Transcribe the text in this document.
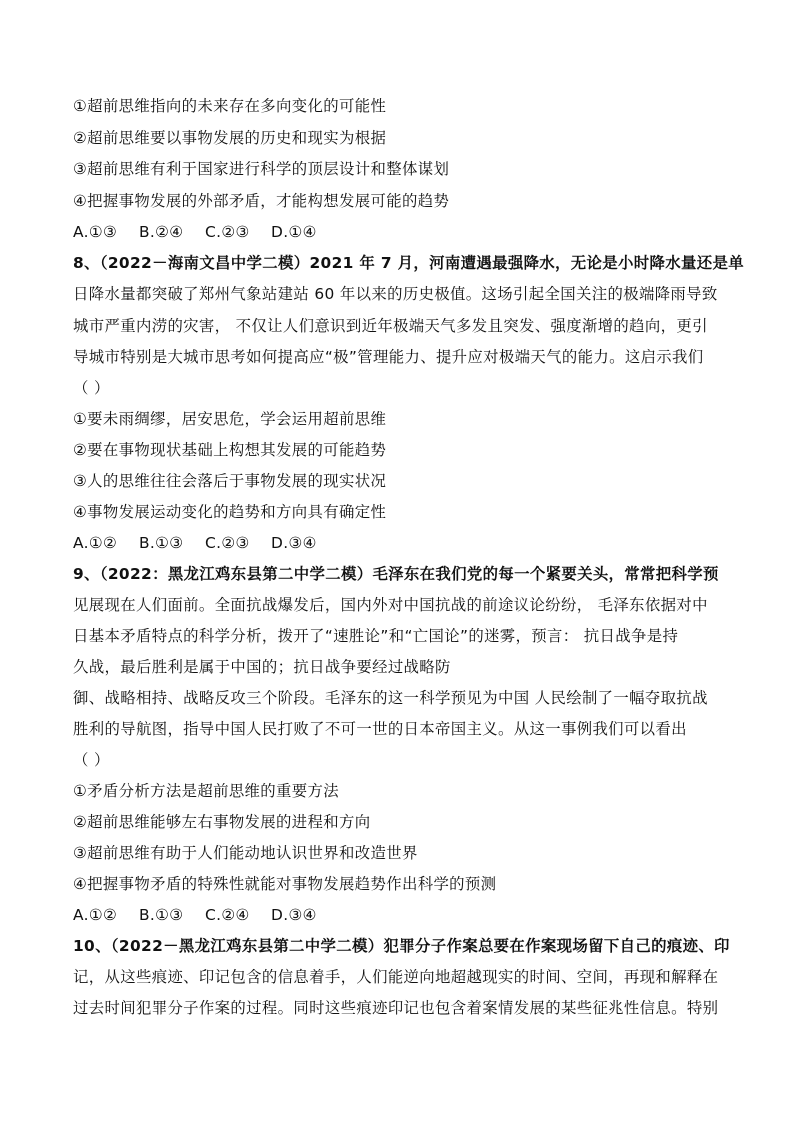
①超前思维指向的未来存在多向变化的可能性
②超前思维要以事物发展的历史和现实为根据
③超前思维有利于国家进行科学的顶层设计和整体谋划
④把握事物发展的外部矛盾，才能构想发展可能的趋势
A.①③ B.②④ C.②③ D.①④
8、（2022－海南文昌中学二模）2021 年 7 月，河南遭遇最强降水，无论是小时降水量还是单
日降水量都突破了郑州气象站建站 60 年以来的历史极值。这场引起全国关注的极端降雨导致
城市严重内涝的灾害， 不仅让人们意识到近年极端天气多发且突发、强度渐增的趋向，更引
导城市特别是大城市思考如何提高应“极”管理能力、提升应对极端天气的能力。这启示我们
（ ）
①要未雨绸缪，居安思危，学会运用超前思维
②要在事物现状基础上构想其发展的可能趋势
③人的思维往往会落后于事物发展的现实状况
④事物发展运动变化的趋势和方向具有确定性
A.①② B.①③ C.②③ D.③④
9、（2022：黑龙江鸡东县第二中学二模）毛泽东在我们党的每一个紧要关头，常常把科学预
见展现在人们面前。全面抗战爆发后，国内外对中国抗战的前途议论纷纷， 毛泽东依据对中
日基本矛盾特点的科学分析，拨开了“速胜论”和“亡国论”的迷雾，预言： 抗日战争是持
久战，最后胜利是属于中国的；抗日战争要经过战略防
御、战略相持、战略反攻三个阶段。毛泽东的这一科学预见为中国 人民绘制了一幅夺取抗战
胜利的导航图，指导中国人民打败了不可一世的日本帝国主义。从这一事例我们可以看出
（ ）
①矛盾分析方法是超前思维的重要方法
②超前思维能够左右事物发展的进程和方向
③超前思维有助于人们能动地认识世界和改造世界
④把握事物矛盾的特殊性就能对事物发展趋势作出科学的预测
A.①② B.①③ C.②④ D.③④
10、（2022－黑龙江鸡东县第二中学二模）犯罪分子作案总要在作案现场留下自己的痕迹、印
记，从这些痕迹、印记包含的信息着手，人们能逆向地超越现实的时间、空间，再现和解释在
过去时间犯罪分子作案的过程。同时这些痕迹印记也包含着案情发展的某些征兆性信息。特别
